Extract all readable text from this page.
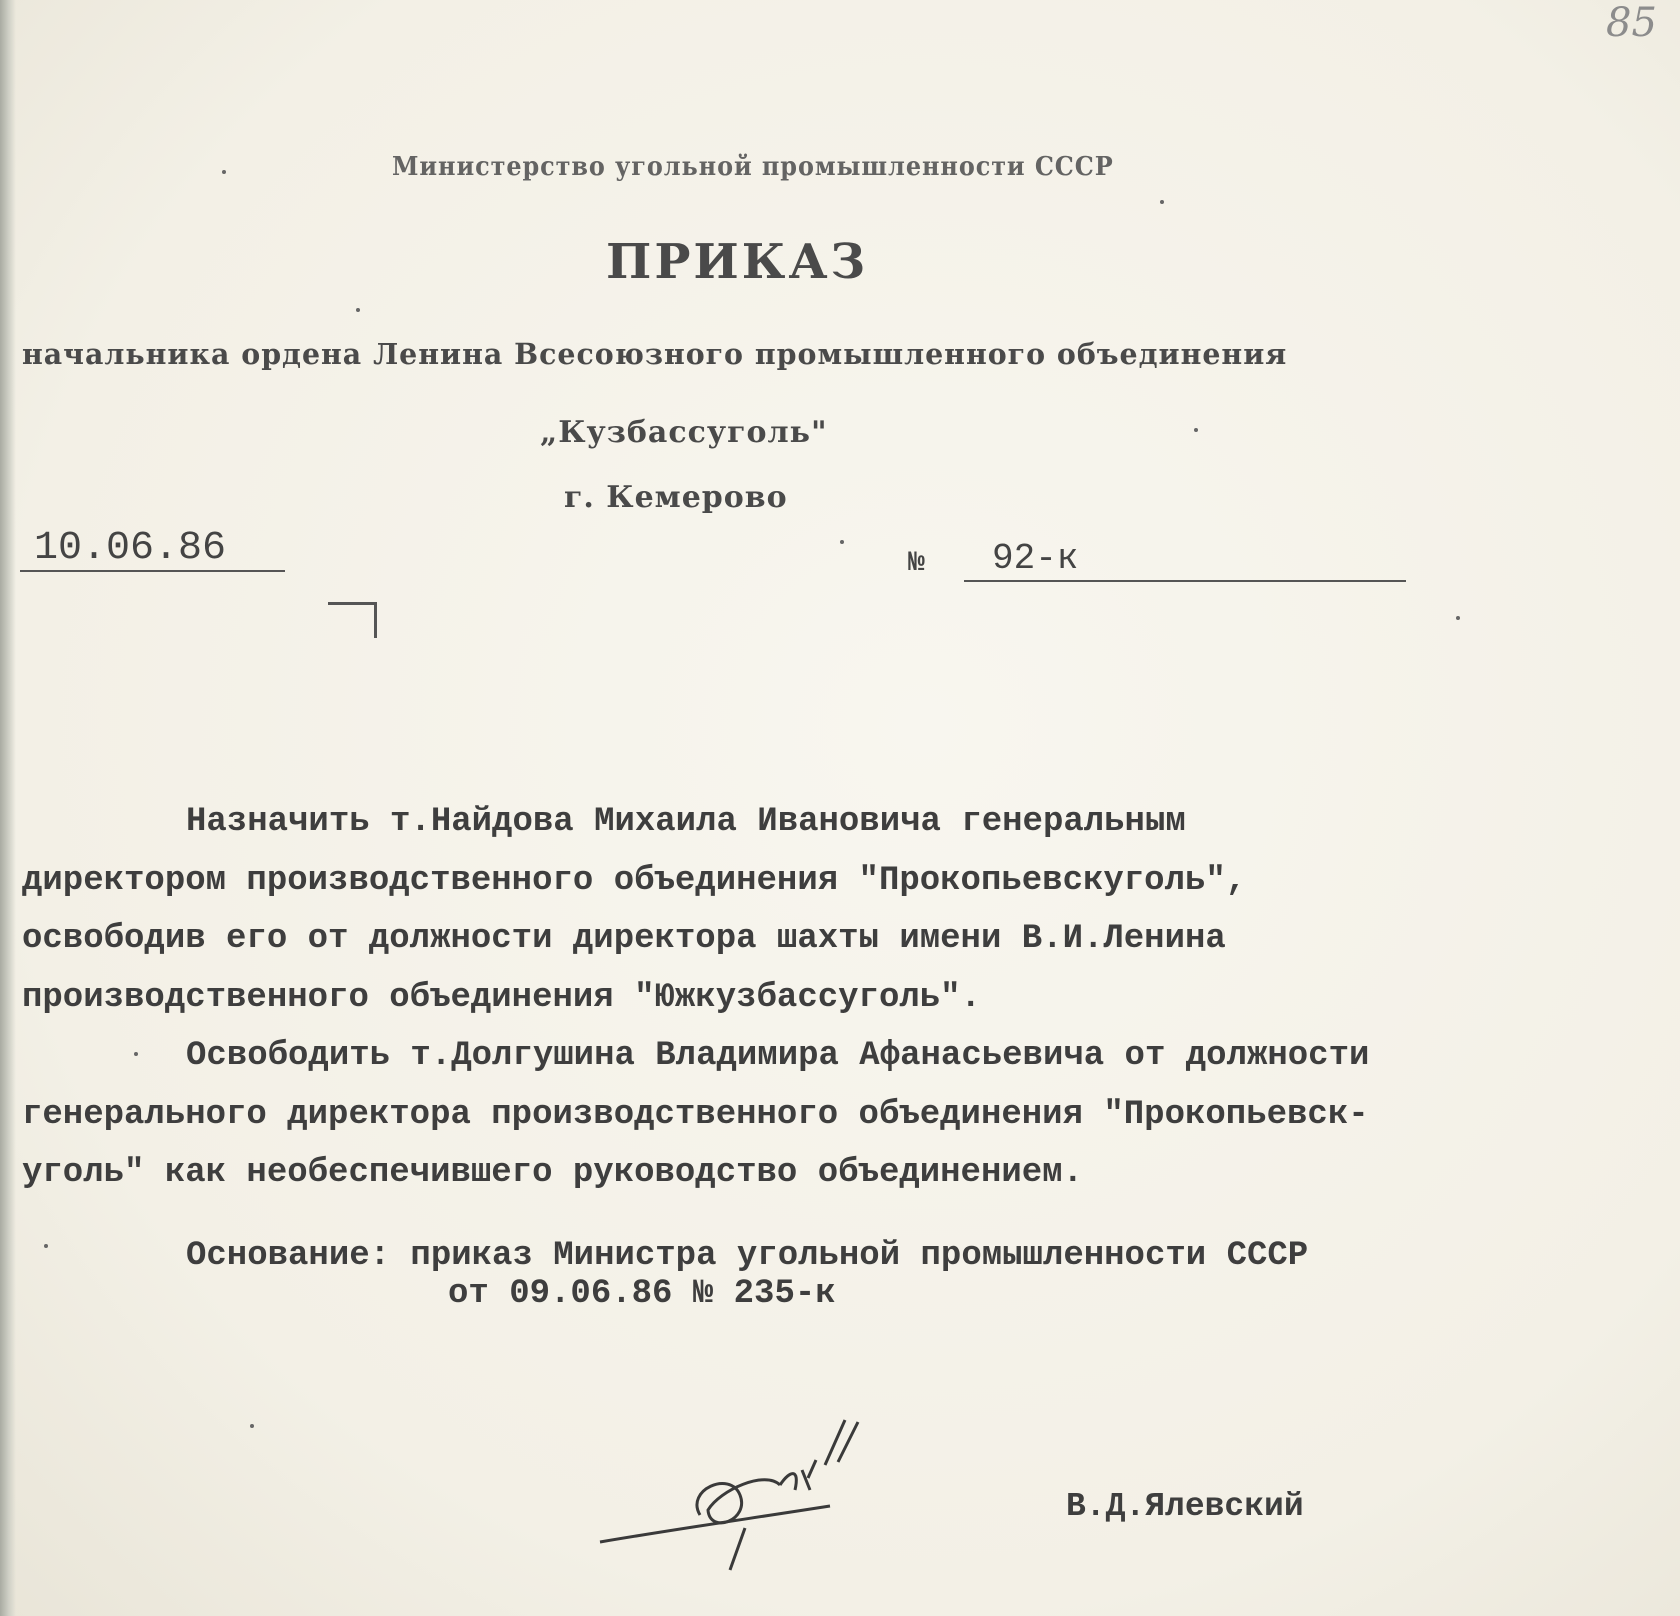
85
Министерство угольной промышленности СССР
ПРИКАЗ
начальника ордена Ленина Всесоюзного промышленного объединения
„Кузбассуголь"
г. Кемерово
10.06.86	№	92-к

Назначить т.Найдова Михаила Ивановича генеральным
директором производственного объединения "Прокопьевскуголь",
освободив его от должности директора шахты имени В.И.Ленина
производственного объединения "Южкузбассуголь".

Освободить т.Долгушина Владимира Афанасьевича от должности
генерального директора производственного объединения "Прокопьевск-
уголь" как необеспечившего руководство объединением.

Основание: приказ Министра угольной промышленности СССР
от 09.06.86 № 235-к
В.Д.Ялевский
